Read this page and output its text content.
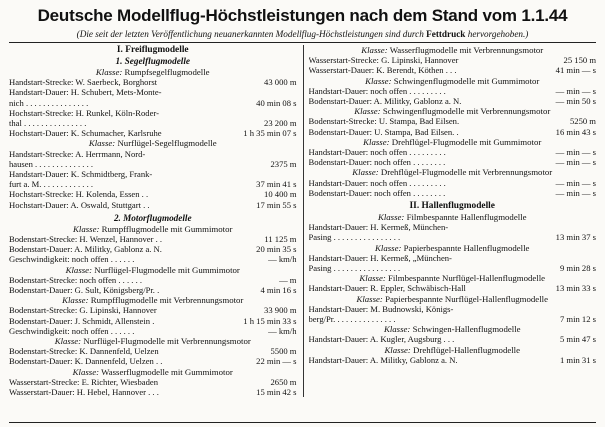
Deutsche Modellflug-Höchstleistungen nach dem Stand vom 1.1.44

(Die seit der letzten Veröffentlichung neuanerkannten Modellflug-Höchstleistungen sind durch Fettdruck hervorgehoben.)

I. Freiflugmodelle
1. Segelflugmodelle
Klasse: Rumpfsegelflugmodelle
Handstart-Strecke: W. Saerbeck, Borghorst	43 000 m
Handstart-Dauer: H. Schubert, Mets-Monte-
nich . . . . . . . . . . . . . . .	40 min 08 s
Hochstart-Strecke: H. Runkel, Köln-Roder-
thal . . . . . . . . . . . . . . .	23 200 m
Hochstart-Dauer: K. Schumacher, Karlsruhe	1 h 35 min 07 s
Klasse: Nurflügel-Segelflugmodelle
Handstart-Strecke: A. Herrmann, Nord-
hausen . . . . . . . . . . . . . .	2375 m
Handstart-Dauer: K. Schmidtberg, Frank-
furt a. M. . . . . . . . . . . . .	37 min 41 s
Hochstart-Strecke: H. Kolenda, Essen . .	10 400 m
Hochstart-Dauer: A. Oswald, Stuttgart . .	17 min 55 s
2. Motorflugmodelle
Klasse: Rumpfflugmodelle mit Gummimotor
Bodenstart-Strecke: H. Wenzel, Hannover . .	11 125 m
Bodenstart-Dauer: A. Militky, Gablonz a. N.	20 min 35 s
Geschwindigkeit: noch offen . . . . . .	— km/h
Klasse: Nurflügel-Flugmodelle mit Gummimotor
Bodenstart-Strecke: noch offen . . . . . .	— m
Bodenstart-Dauer: G. Sult, Königsberg/Pr. .	4 min 16 s
Klasse: Rumpfflugmodelle mit Verbrennungsmotor
Bodenstart-Strecke: G. Lipinski, Hannover	33 900 m
Bodenstart-Dauer: J. Schmidt, Allenstein .	1 h 15 min 33 s
Geschwindigkeit: noch offen . . . . . .	— km/h
Klasse: Nurflügel-Flugmodelle mit Verbrennungsmotor
Bodenstart-Strecke: K. Dannenfeld, Uelzen	5500 m
Bodenstart-Dauer: K. Dannenfeld, Uelzen . .	22 min — s
Klasse: Wasserflugmodelle mit Gummimotor
Wasserstart-Strecke: E. Richter, Wiesbaden	2650 m
Wasserstart-Dauer: H. Hebel, Hannover . . .	15 min 42 s
Klasse: Wasserflugmodelle mit Verbrennungsmotor
Wasserstart-Strecke: G. Lipinski, Hannover	25 150 m
Wasserstart-Dauer: K. Berendt, Köthen . . .	41 min — s
Klasse: Schwingenflugmodelle mit Gummimotor
Handstart-Dauer: noch offen . . . . . . . . .	— min — s
Bodenstart-Dauer: A. Militky, Gablonz a. N.	— min 50 s
Klasse: Schwingenflugmodelle mit Verbrennungsmotor
Bodenstart-Strecke: U. Stampa, Bad Eilsen.	5250 m
Bodenstart-Dauer: U. Stampa, Bad Eilsen. .	16 min 43 s
Klasse: Drehflügel-Flugmodelle mit Gummimotor
Handstart-Dauer: noch offen . . . . . . . . .	— min — s
Bodenstart-Dauer: noch offen . . . . . . . .	— min — s
Klasse: Drehflügel-Flugmodelle mit Verbrennungsmotor
Handstart-Dauer: noch offen . . . . . . . . .	— min — s
Bodenstart-Dauer: noch offen . . . . . . . .	— min — s
II. Hallenflugmodelle
Klasse: Filmbespannte Hallenflugmodelle
Handstart-Dauer: H. Kermeß, München-
Pasing . . . . . . . . . . . . . . . .	13 min 37 s
Klasse: Papierbespannte Hallenflugmodelle
Handstart-Dauer: H. Kermeß, „München-
Pasing . . . . . . . . . . . . . . . .	9 min 28 s
Klasse: Filmbespannte Nurflügel-Hallenflugmodelle
Handstart-Dauer: R. Eppler, Schwäbisch-Hall	13 min 33 s
Klasse: Papierbespannte Nurflügel-Hallenflugmodelle
Handstart-Dauer: M. Budnowski, Königs-
berg/Pr. . . . . . . . . . . . . . .	7 min 12 s
Klasse: Schwingen-Hallenflugmodelle
Handstart-Dauer: A. Kugler, Augsburg . . .	5 min 47 s
Klasse: Drehflügel-Hallenflugmodelle
Handstart-Dauer: A. Militky, Gablonz a. N.	1 min 31 s
